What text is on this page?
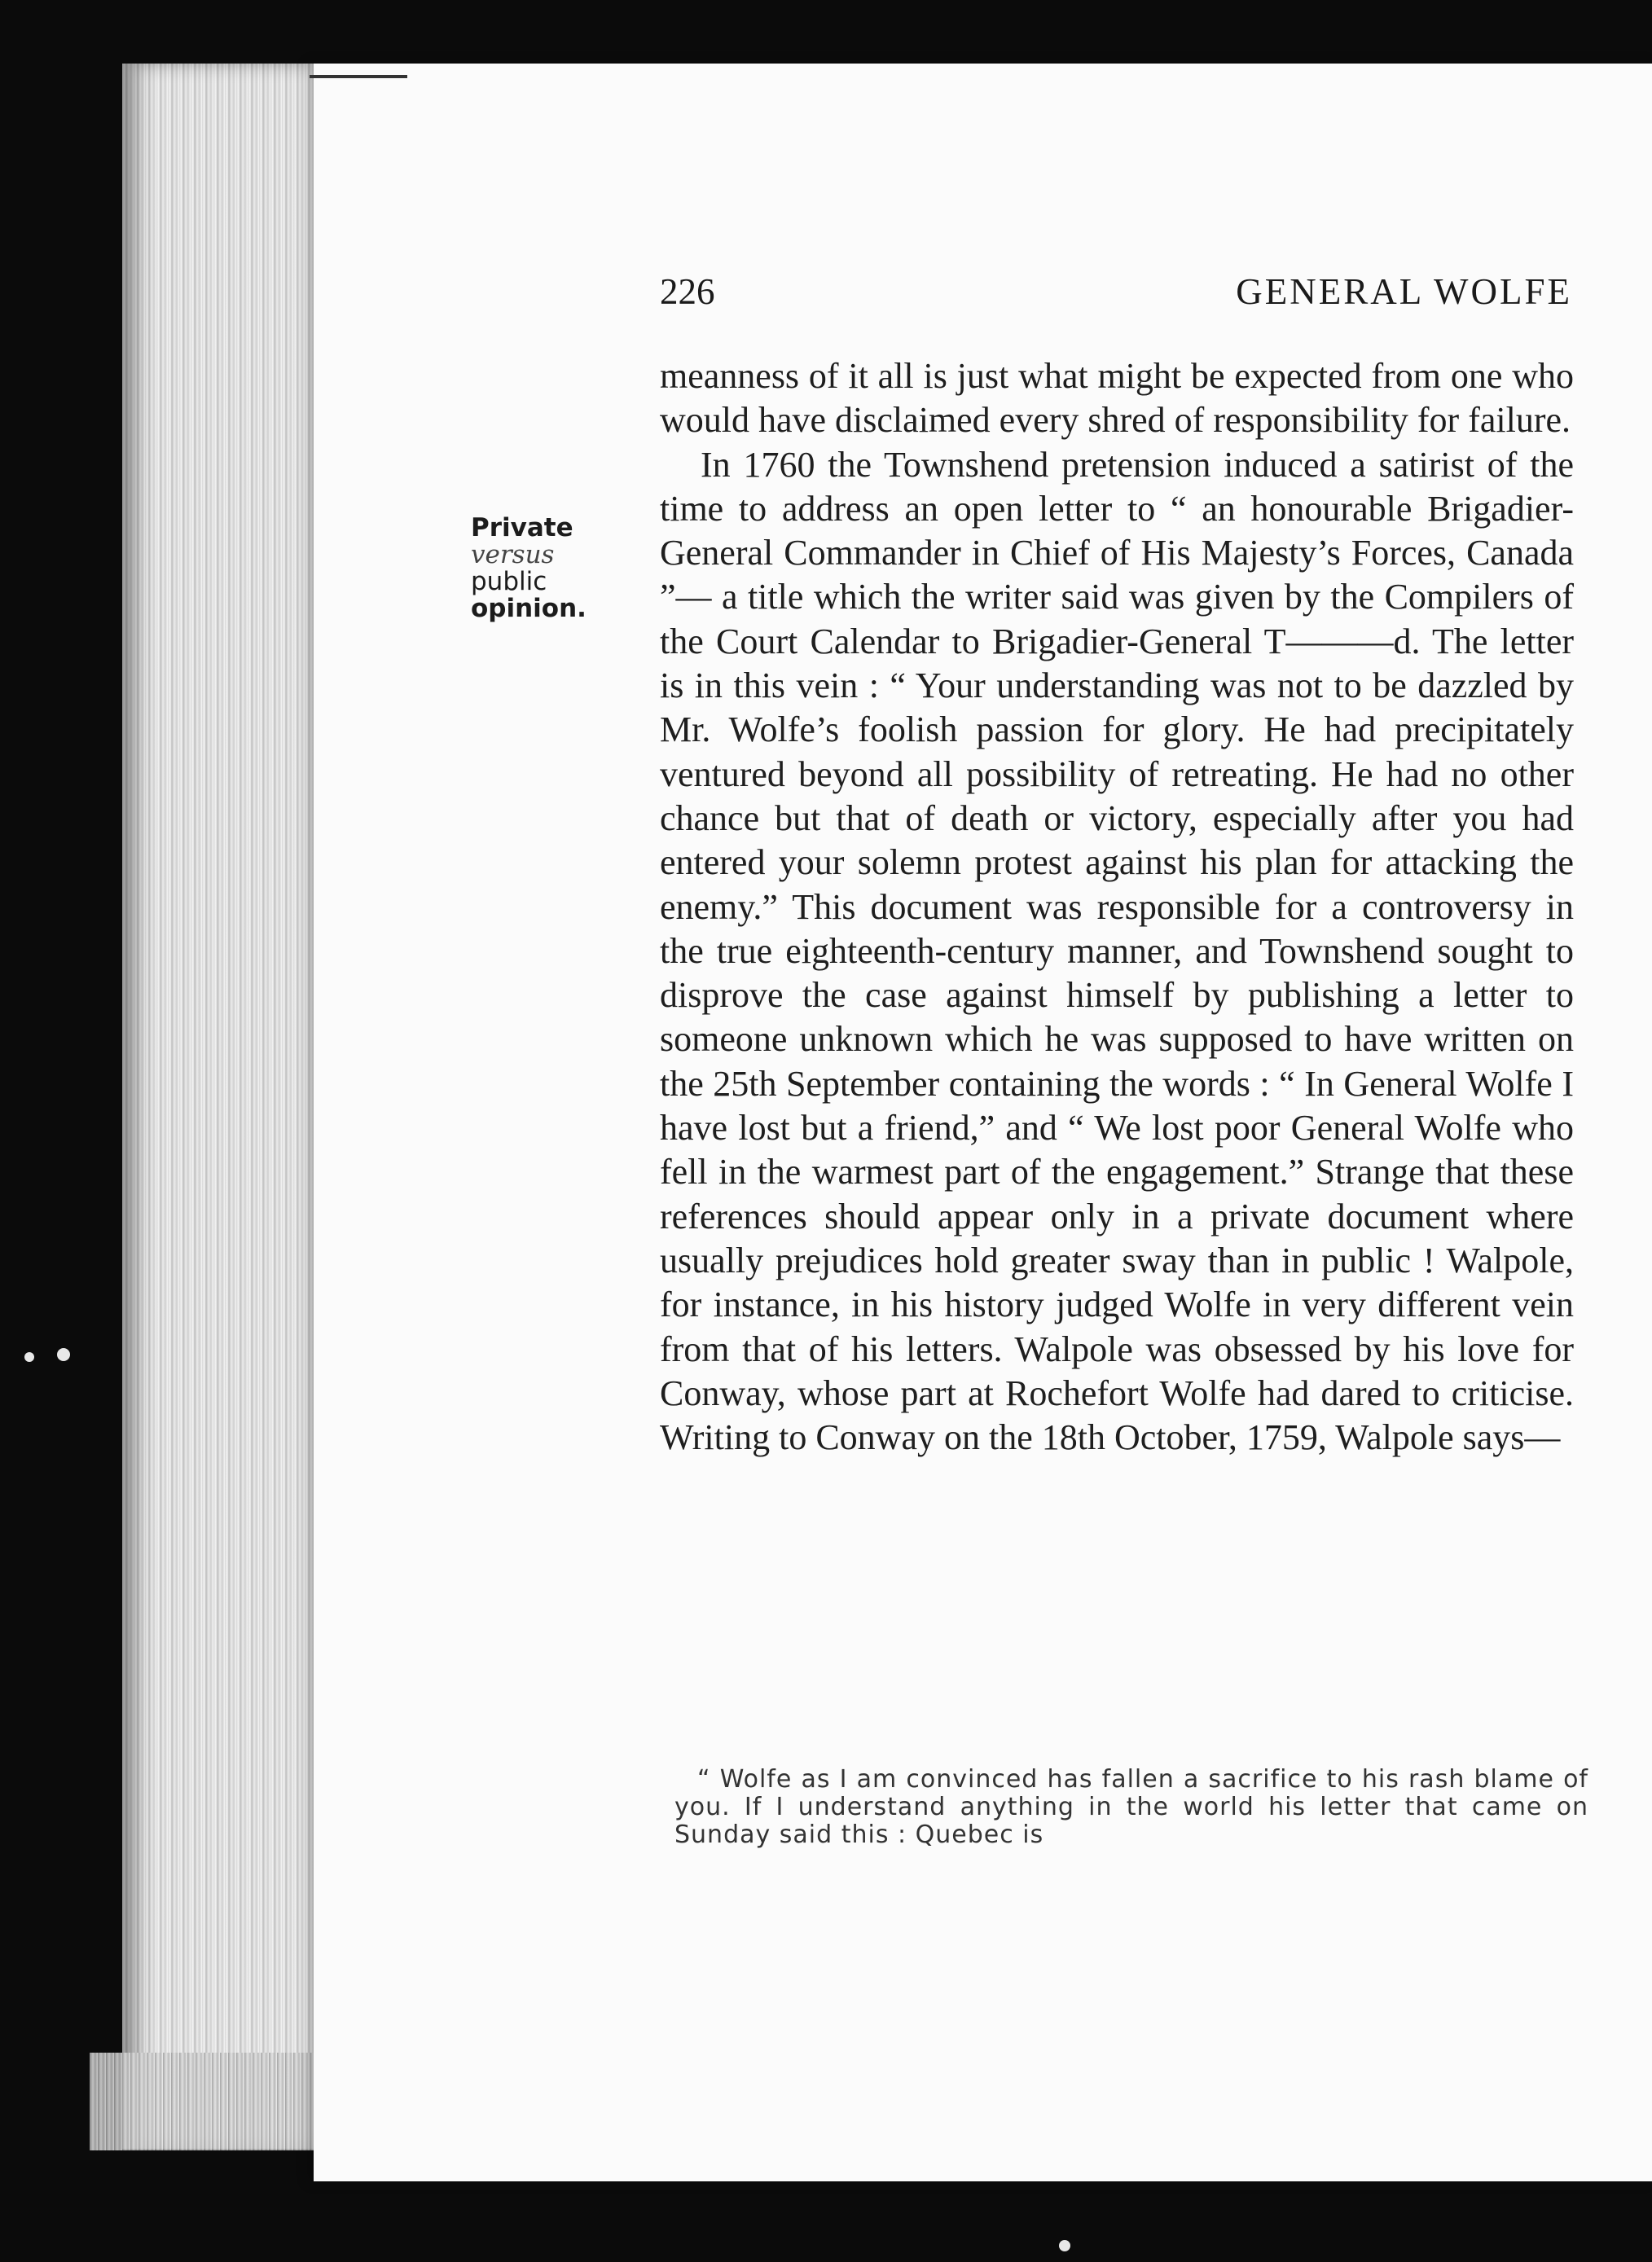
226	GENERAL WOLFE
Private
versus
public
opinion.

meanness of it all is just what might be expected from one who would have disclaimed every shred of responsibility for failure.

In 1760 the Townshend pretension induced a satirist of the time to address an open letter to “ an honourable Brigadier-General Commander in Chief of His Majesty’s Forces, Canada ”— a title which the writer said was given by the Compilers of the Court Calendar to Brigadier-General T———d. The letter is in this vein : “ Your understanding was not to be dazzled by Mr. Wolfe’s foolish passion for glory. He had precipitately ventured beyond all possibility of retreating. He had no other chance but that of death or victory, especially after you had entered your solemn protest against his plan for attacking the enemy.” This document was responsible for a controversy in the true eighteenth-century manner, and Townshend sought to disprove the case against himself by publishing a letter to someone unknown which he was supposed to have written on the 25th September containing the words : “ In General Wolfe I have lost but a friend,” and “ We lost poor General Wolfe who fell in the warmest part of the engagement.” Strange that these references should appear only in a private document where usually prejudices hold greater sway than in public ! Walpole, for instance, in his history judged Wolfe in very different vein from that of his letters. Walpole was obsessed by his love for Conway, whose part at Rochefort Wolfe had dared to criticise. Writing to Conway on the 18th October, 1759, Walpole says—

“ Wolfe as I am convinced has fallen a sacrifice to his rash blame of you. If I understand anything in the world his letter that came on Sunday said this : Quebec is
